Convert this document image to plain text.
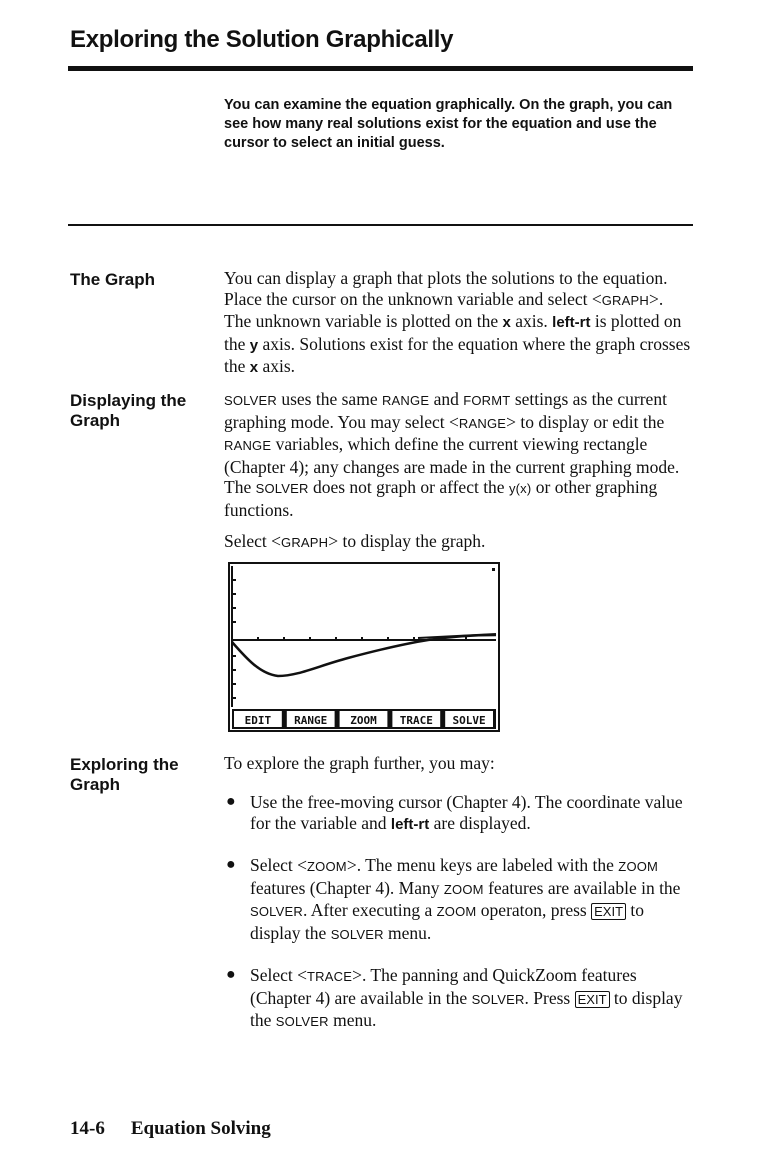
Exploring the Solution Graphically
You can examine the equation graphically. On the graph, you can see how many real solutions exist for the equation and use the cursor to select an initial guess.
The Graph	You can display a graph that plots the solutions to the equation. Place the cursor on the unknown variable and select <GRAPH>. The unknown variable is plotted on the x axis. left-rt is plotted on the y axis. Solutions exist for the equation where the graph crosses the x axis.
Displaying the Graph
SOLVER uses the same RANGE and FORMT settings as the current graphing mode. You may select <RANGE> to display or edit the RANGE variables, which define the current viewing rectangle (Chapter 4); any changes are made in the current graphing mode. The SOLVER does not graph or affect the y(x) or other graphing functions.
Select <GRAPH> to display the graph.
EDIT RANGE ZOOM TRACE SOLVE
Exploring the Graph
To explore the graph further, you may:
● Use the free-moving cursor (Chapter 4). The coordinate value for the variable and left-rt are displayed.
● Select <ZOOM>. The menu keys are labeled with the ZOOM features (Chapter 4). Many ZOOM features are available in the SOLVER. After executing a ZOOM operaton, press EXIT to display the SOLVER menu.
● Select <TRACE>. The panning and QuickZoom features (Chapter 4) are available in the SOLVER. Press EXIT to display the SOLVER menu.
14-6 Equation Solving
